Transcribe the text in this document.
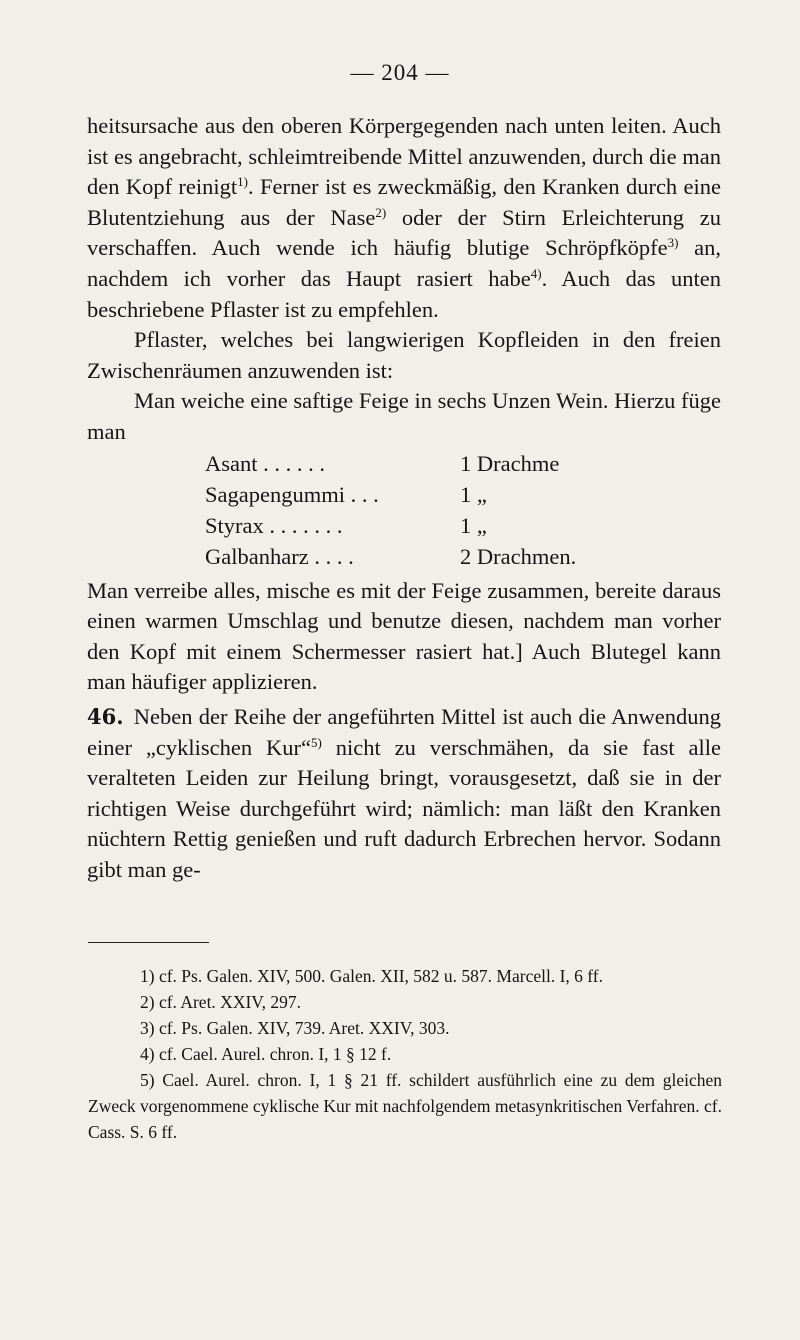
— 204 —

heitsursache aus den oberen Körpergegenden nach unten leiten. Auch ist es angebracht, schleimtreibende Mittel anzuwenden, durch die man den Kopf reinigt$^{1)}$. Ferner ist es zweckmäßig, den Kranken durch eine Blutentziehung aus der Nase$^{2)}$ oder der Stirn Erleichterung zu verschaffen. Auch wende ich häufig blutige Schröpfköpfe$^{3)}$ an, nachdem ich vorher das Haupt rasiert habe$^{4)}$. Auch das unten beschriebene Pflaster ist zu empfehlen.

Pflaster, welches bei langwierigen Kopfleiden in den freien Zwischenräumen anzuwenden ist:

Man weiche eine saftige Feige in sechs Unzen Wein. Hierzu füge man

Asant . . . . . .	1 Drachme
Sagapengummi . . .	1 „
Styrax . . . . . . .	1 „
Galbanharz . . . .	2 Drachmen.

Man verreibe alles, mische es mit der Feige zusammen, bereite daraus einen warmen Umschlag und benutze diesen, nachdem man vorher den Kopf mit einem Schermesser rasiert hat.] Auch Blutegel kann man häufiger applizieren.

46. Neben der Reihe der angeführten Mittel ist auch die Anwendung einer „cyklischen Kur“$^{5)}$ nicht zu verschmähen, da sie fast alle veralteten Leiden zur Heilung bringt, vorausgesetzt, daß sie in der richtigen Weise durchgeführt wird; nämlich: man läßt den Kranken nüchtern Rettig genießen und ruft dadurch Erbrechen hervor. Sodann gibt man ge-

1) cf. Ps. Galen. XIV, 500. Galen. XII, 582 u. 587. Marcell. I, 6 ff.

2) cf. Aret. XXIV, 297.

3) cf. Ps. Galen. XIV, 739. Aret. XXIV, 303.

4) cf. Cael. Aurel. chron. I, 1 § 12 f.

5) Cael. Aurel. chron. I, 1 § 21 ff. schildert ausführlich eine zu dem gleichen Zweck vorgenommene cyklische Kur mit nachfolgendem metasynkritischen Verfahren. cf. Cass. S. 6 ff.
